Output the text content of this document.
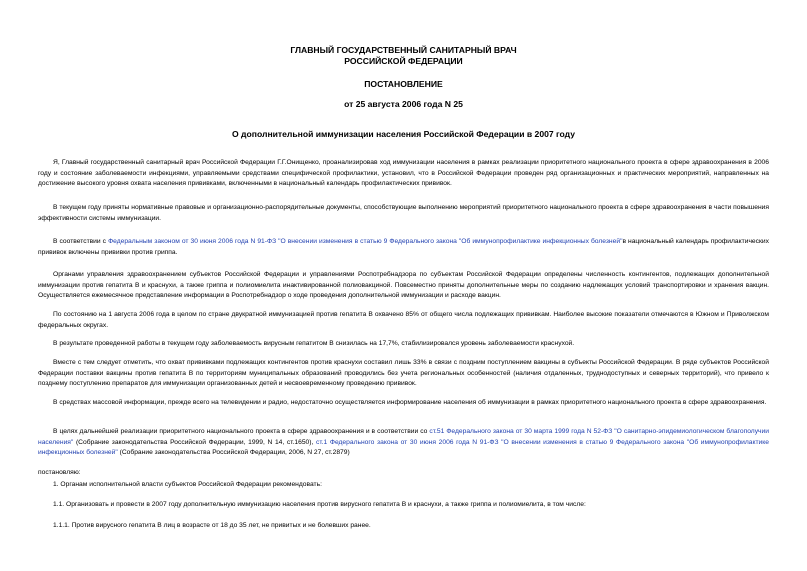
ГЛАВНЫЙ ГОСУДАРСТВЕННЫЙ САНИТАРНЫЙ ВРАЧ
РОССИЙСКОЙ ФЕДЕРАЦИИ
ПОСТАНОВЛЕНИЕ
от 25 августа 2006 года N 25
О дополнительной иммунизации населения Российской Федерации в 2007 году

Я, Главный государственный санитарный врач Российской Федерации Г.Г.Онищенко, проанализировав ход иммунизации населения в рамках реализации приоритетного национального проекта в сфере здравоохранения в 2006 году и состояние заболеваемости инфекциями, управляемыми средствами специфической профилактики, установил, что в Российской Федерации проведен ряд организационных и практических мероприятий, направленных на достижение высокого уровня охвата населения прививками, включенными в национальный календарь профилактических прививок.

В текущем году приняты нормативные правовые и организационно-распорядительные документы, способствующие выполнению мероприятий приоритетного национального проекта в сфере здравоохранения в части повышения эффективности системы иммунизации.

В соответствии с Федеральным законом от 30 июня 2006 года N 91-ФЗ "О внесении изменения в статью 9 Федерального закона "Об иммунопрофилактике инфекционных болезней"в национальный календарь профилактических прививок включены прививки против гриппа.

Органами управления здравоохранением субъектов Российской Федерации и управлениями Роспотребнадзора по субъектам Российской Федерации определены численность контингентов, подлежащих дополнительной иммунизации против гепатита В и краснухи, а также гриппа и полиомиелита инактивированной полиовакциной. Повсеместно приняты дополнительные меры по созданию надлежащих условий транспортировки и хранения вакцин. Осуществляется ежемесячное представление информации в Роспотребнадзор о ходе проведения дополнительной иммунизации и расходе вакцин.

По состоянию на 1 августа 2006 года в целом по стране двукратной иммунизацией против гепатита В охвачено 85% от общего числа подлежащих прививкам. Наиболее высокие показатели отмечаются в Южном и Приволжском федеральных округах.

В результате проведенной работы в текущем году заболеваемость вирусным гепатитом В снизилась на 17,7%, стабилизировался уровень заболеваемости краснухой.

Вместе с тем следует отметить, что охват прививками подлежащих контингентов против краснухи составил лишь 33% в связи с поздним поступлением вакцины в субъекты Российской Федерации. В ряде субъектов Российской Федерации поставки вакцины против гепатита В по территориям муниципальных образований проводились без учета региональных особенностей (наличия отдаленных, труднодоступных и северных территорий), что привело к позднему поступлению препаратов для иммунизации организованных детей и несвоевременному проведению прививок.

В средствах массовой информации, прежде всего на телевидении и радио, недостаточно осуществляется информирование населения об иммунизации в рамках приоритетного национального проекта в сфере здравоохранения.

В целях дальнейшей реализации приоритетного национального проекта в сфере здравоохранения и в соответствии со ст.51 Федерального закона от 30 марта 1999 года N 52-ФЗ "О санитарно-эпидемиологическом благополучии населения" (Собрание законодательства Российской Федерации, 1999, N 14, ст.1650), ст.1 Федерального закона от 30 июня 2006 года N 91-ФЗ "О внесении изменения в статью 9 Федерального закона "Об иммунопрофилактике инфекционных болезней" (Собрание законодательства Российской Федерации, 2006, N 27, ст.2879)

постановляю:

1. Органам исполнительной власти субъектов Российской Федерации рекомендовать:

1.1. Организовать и провести в 2007 году дополнительную иммунизацию населения против вирусного гепатита В и краснухи, а также гриппа и полиомиелита, в том числе:

1.1.1. Против вирусного гепатита В лиц в возрасте от 18 до 35 лет, не привитых и не болевших ранее.
